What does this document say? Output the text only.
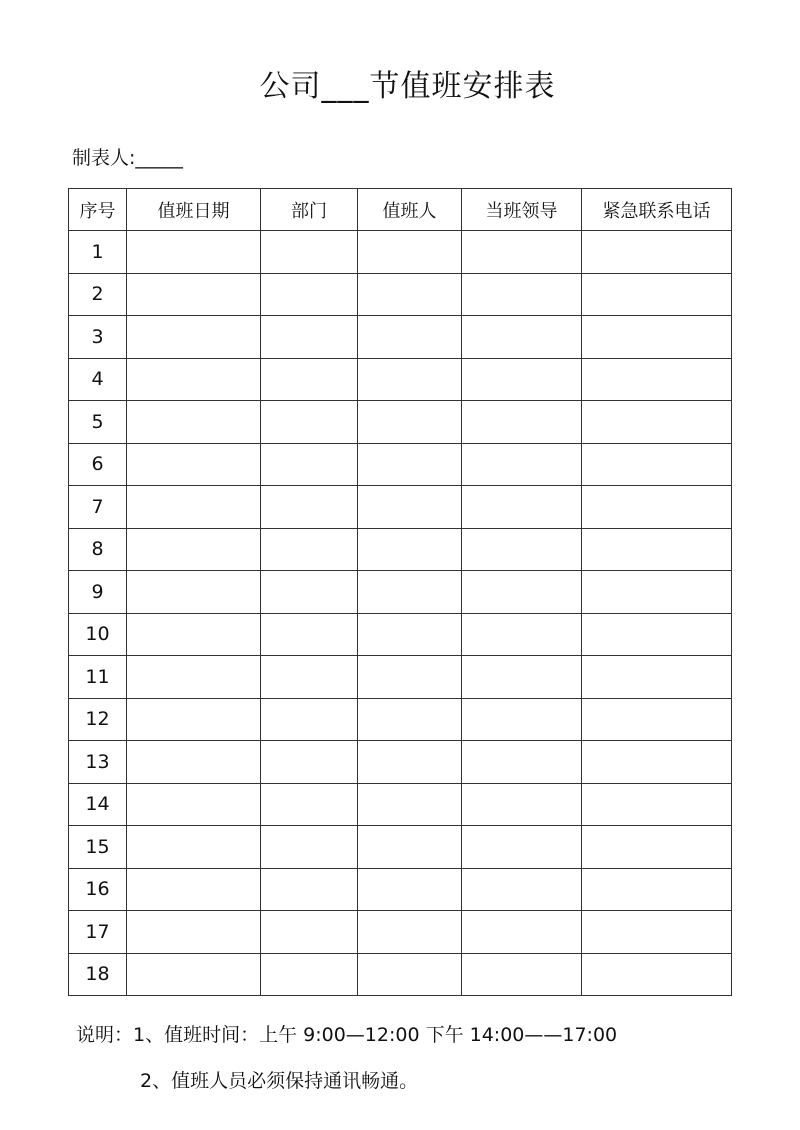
公司___节值班安排表
制表人:_____
序号	值班日期	部门	值班人	当班领导	紧急联系电话
1					
2					
3					
4					
5					
6					
7					
8					
9					
10					
11					
12					
13					
14					
15					
16					
17					
18					
说明：1、值班时间：上午 9:00—12:00 下午 14:00——17:00
2、值班人员必须保持通讯畅通。
